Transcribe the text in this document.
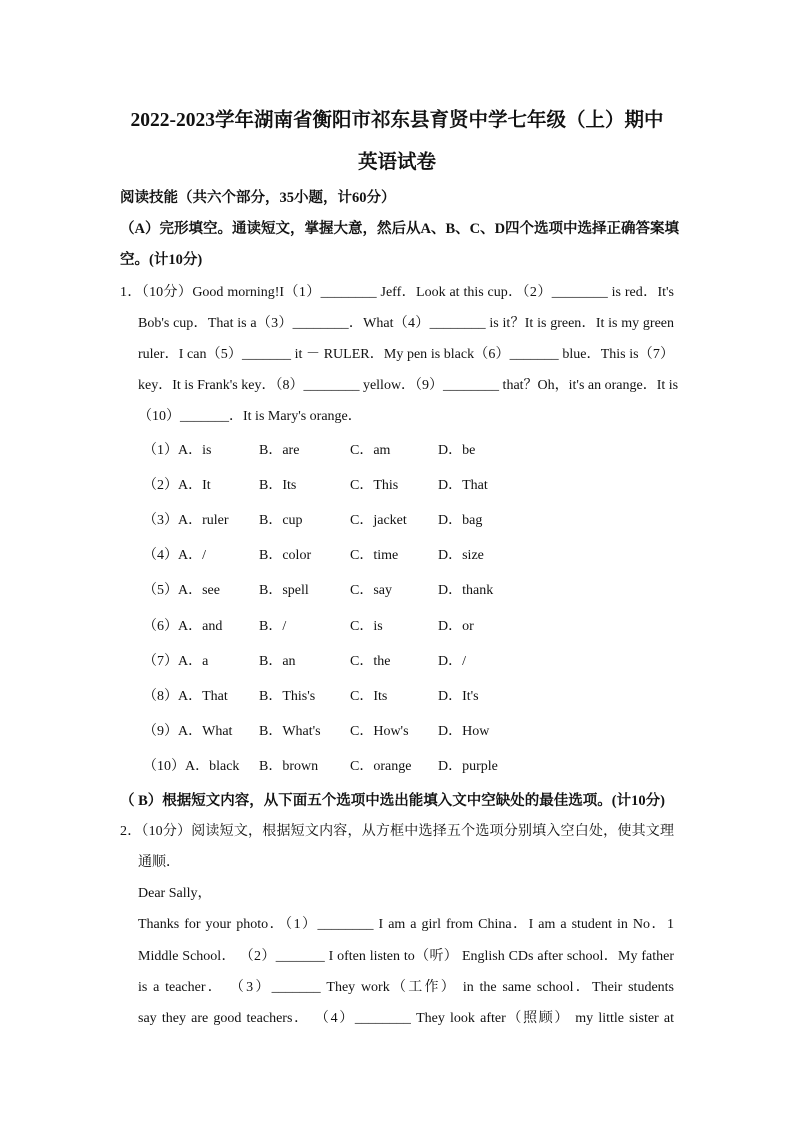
2022-2023学年湖南省衡阳市祁东县育贤中学七年级（上）期中
英语试卷
阅读技能（共六个部分，35小题，计60分）
（A）完形填空。通读短文，掌握大意，然后从A、B、C、D四个选项中选择正确答案填
空。(计10分)
1．（10分）Good morning!I（1）________ Jeff．Look at this cup．（2）________ is red．It's
Bob's cup．That is a（3）________．What（4）________ is it？It is green．It is my green
ruler．I can（5）_______ it － RULER．My pen is black（6）_______ blue．This is（7）
key．It is Frank's key．（8）________ yellow．（9）________ that？Oh，it's an orange．It is
（10）_______．It is Mary's orange．
（1）A．is	B．are	C．am	D．be
（2）A．It	B．Its	C．This	D．That
（3）A．ruler B．cup	C．jacket D．bag
（4）A．/	B．color	C．time	D．size
（5）A．see	B．spell	C．say	D．thank
（6）A．and	B．/	C．is	D．or
（7）A．a	B．an	C．the	D．/
（8）A．That B．This's C．Its	D．It's
（9）A．What B．What's C．How's D．How
（10）A．black B．brown C．orange D．purple
（ B）根据短文内容，从下面五个选项中选出能填入文中空缺处的最佳选项。(计10分)
2．（10分）阅读短文，根据短文内容，从方框中选择五个选项分别填入空白处，使其文理
通顺．
Dear Sally，
Thanks for your photo．（1）________ I am a girl from China．I am a student in No．1
Middle School． （2）_______ I often listen to（听） English CDs after school．My father
is a teacher． （3）_______ They work（工作） in the same school．Their students
say they are good teachers． （4）________ They look after（照顾） my little sister at
